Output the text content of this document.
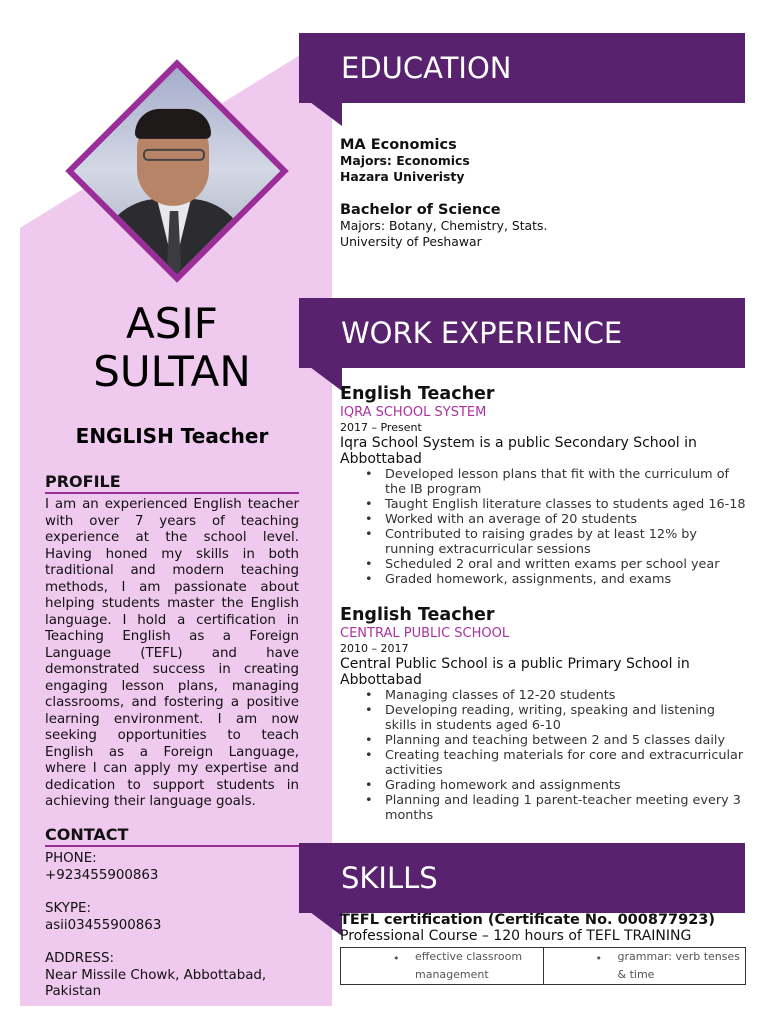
ASIF
SULTAN
ENGLISH Teacher
PROFILE
I am an experienced English teacher with over 7 years of teaching experience at the school level. Having honed my skills in both traditional and modern teaching methods, I am passionate about helping students master the English language. I hold a certification in Teaching English as a Foreign Language (TEFL) and have demonstrated success in creating engaging lesson plans, managing classrooms, and fostering a positive learning environment. I am now seeking opportunities to teach English as a Foreign Language, where I can apply my expertise and dedication to support students in achieving their language goals.
CONTACT
PHONE:
+923455900863
SKYPE:
asii03455900863
ADDRESS:
Near Missile Chowk, Abbottabad,
Pakistan
EDUCATION
MA Economics
Majors: Economics
Hazara Univeristy
Bachelor of Science
Majors: Botany, Chemistry, Stats.
University of Peshawar
WORK EXPERIENCE
English Teacher
IQRA SCHOOL SYSTEM
2017 – Present
Iqra School System is a public Secondary School in Abbottabad
• Developed lesson plans that fit with the curriculum of the IB program
• Taught English literature classes to students aged 16-18
• Worked with an average of 20 students
• Contributed to raising grades by at least 12% by running extracurricular sessions
• Scheduled 2 oral and written exams per school year
• Graded homework, assignments, and exams
English Teacher
CENTRAL PUBLIC SCHOOL
2010 – 2017
Central Public School is a public Primary School in Abbottabad
• Managing classes of 12-20 students
• Developing reading, writing, speaking and listening skills in students aged 6-10
• Planning and teaching between 2 and 5 classes daily
• Creating teaching materials for core and extracurricular activities
• Grading homework and assignments
• Planning and leading 1 parent-teacher meeting every 3 months
SKILLS
TEFL certification (Certificate No. 000877923)
Professional Course – 120 hours of TEFL TRAINING
• effective classroom management
• grammar: verb tenses & time
